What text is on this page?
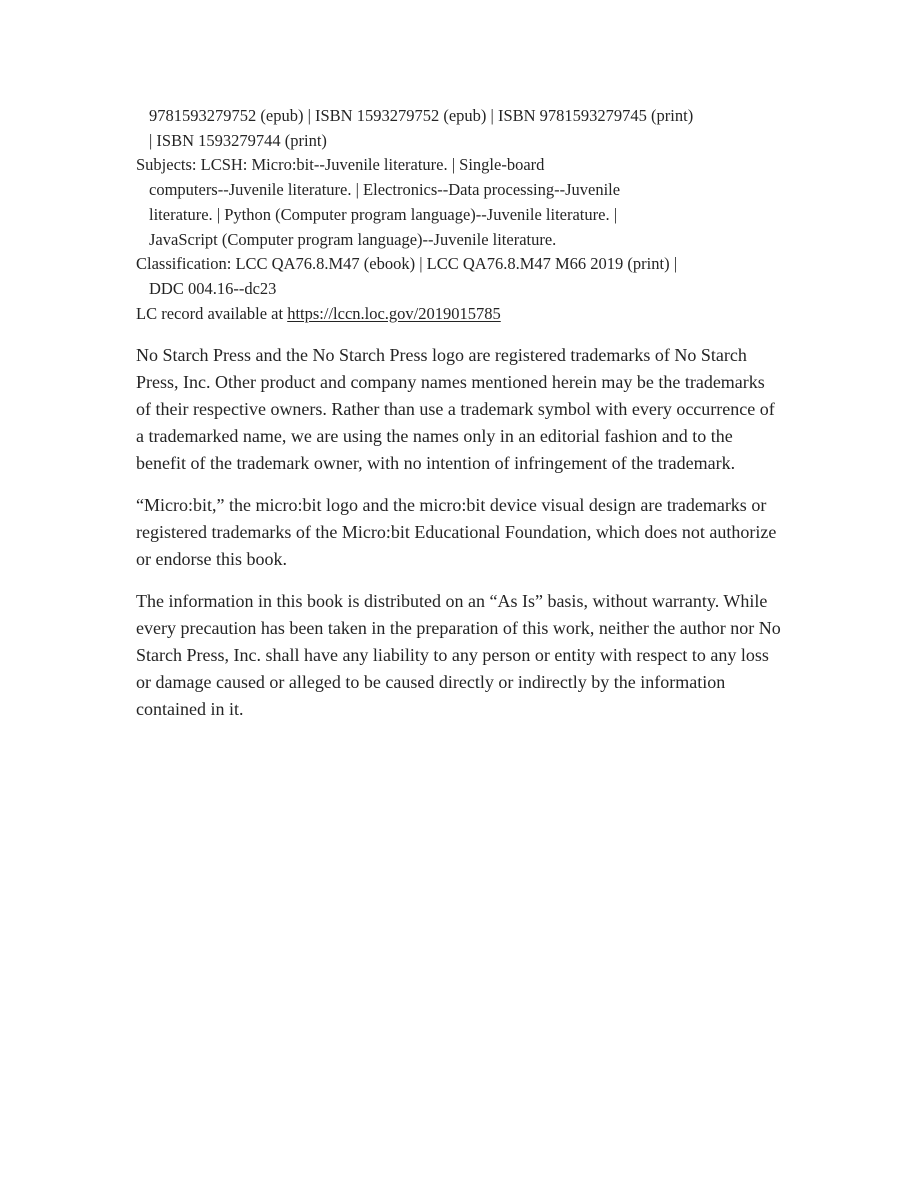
9781593279752 (epub) | ISBN 1593279752 (epub) | ISBN 9781593279745 (print)
| ISBN 1593279744 (print)
Subjects: LCSH: Micro:bit--Juvenile literature. | Single-board
computers--Juvenile literature. | Electronics--Data processing--Juvenile
literature. | Python (Computer program language)--Juvenile literature. |
JavaScript (Computer program language)--Juvenile literature.
Classification: LCC QA76.8.M47 (ebook) | LCC QA76.8.M47 M66 2019 (print) |
DDC 004.16--dc23
LC record available at https://lccn.loc.gov/2019015785

No Starch Press and the No Starch Press logo are registered trademarks of No Starch Press, Inc. Other product and company names mentioned herein may be the trademarks of their respective owners. Rather than use a trademark symbol with every occurrence of a trademarked name, we are using the names only in an editorial fashion and to the benefit of the trademark owner, with no intention of infringement of the trademark.

“Micro:bit,” the micro:bit logo and the micro:bit device visual design are trademarks or registered trademarks of the Micro:bit Educational Foundation, which does not authorize or endorse this book.

The information in this book is distributed on an “As Is” basis, without warranty. While every precaution has been taken in the preparation of this work, neither the author nor No Starch Press, Inc. shall have any liability to any person or entity with respect to any loss or damage caused or alleged to be caused directly or indirectly by the information contained in it.
